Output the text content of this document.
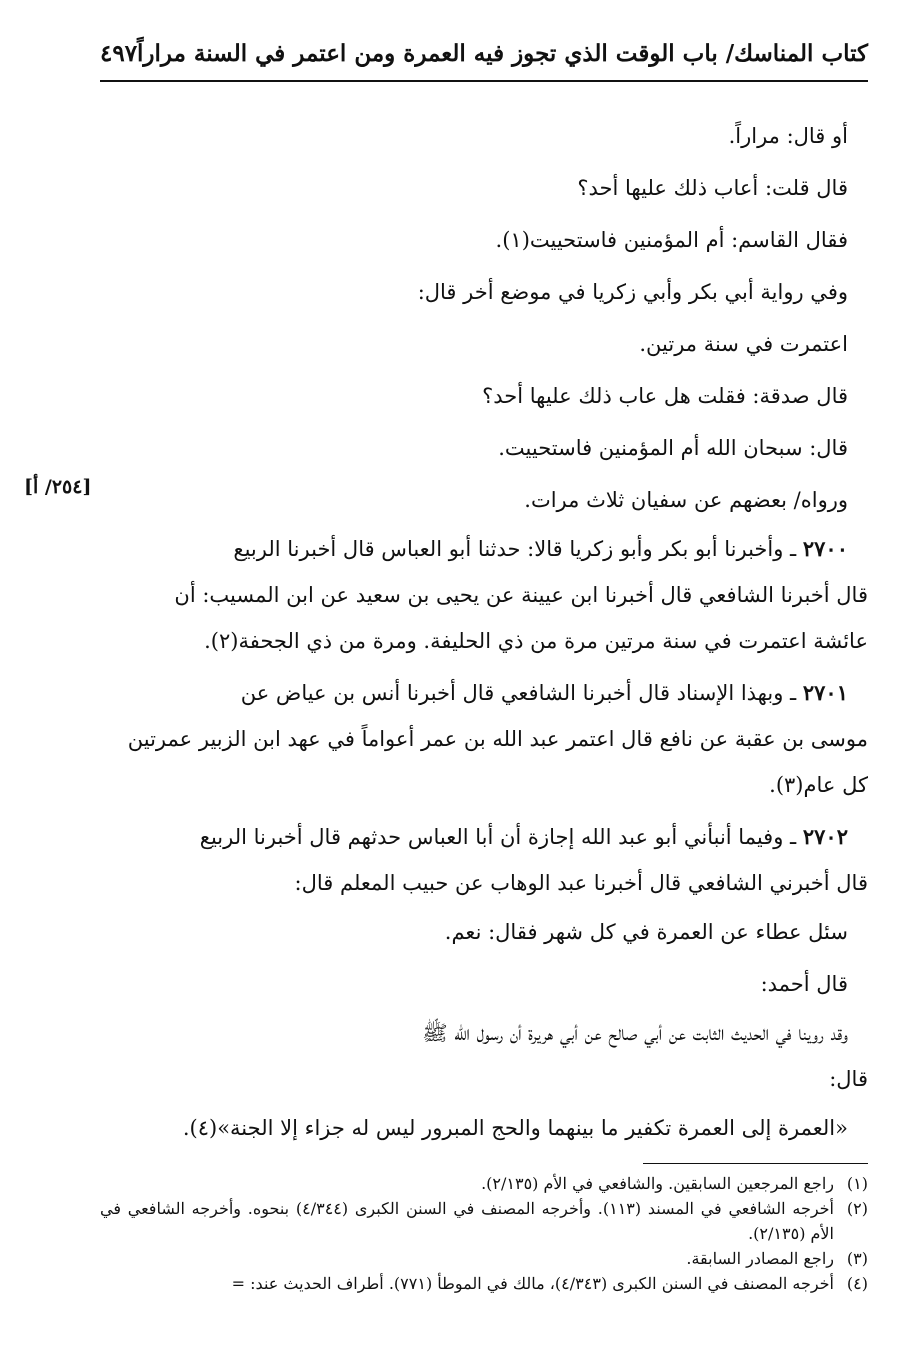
كتاب المناسك/ باب الوقت الذي تجوز فيه العمرة ومن اعتمر في السنة مراراً
٤٩٧
[٢٥٤/ أ]
أو قال: مراراً.
قال قلت: أعاب ذلك عليها أحد؟
فقال القاسم: أم المؤمنين فاستحييت(١).
وفي رواية أبي بكر وأبي زكريا في موضع أخر قال:
اعتمرت في سنة مرتين.
قال صدقة: فقلت هل عاب ذلك عليها أحد؟
قال: سبحان الله أم المؤمنين فاستحييت.
ورواه/ بعضهم عن سفيان ثلاث مرات.
٢٧٠٠ ـ وأخبرنا أبو بكر وأبو زكريا قالا: حدثنا أبو العباس قال أخبرنا الربيع
قال أخبرنا الشافعي قال أخبرنا ابن عيينة عن يحيى بن سعيد عن ابن المسيب: أن
عائشة اعتمرت في سنة مرتين مرة من ذي الحليفة. ومرة من ذي الجحفة(٢).
٢٧٠١ ـ وبهذا الإسناد قال أخبرنا الشافعي قال أخبرنا أنس بن عياض عن
موسى بن عقبة عن نافع قال اعتمر عبد الله بن عمر أعواماً في عهد ابن الزبير عمرتين
كل عام(٣).
٢٧٠٢ ـ وفيما أنبأني أبو عبد الله إجازة أن أبا العباس حدثهم قال أخبرنا الربيع
قال أخبرني الشافعي قال أخبرنا عبد الوهاب عن حبيب المعلم قال:
سئل عطاء عن العمرة في كل شهر فقال: نعم.
قال أحمد:
وقد روينا في الحديث الثابت عن أبي صالح عن أبي هريرة أن رسول الله ﷺ
قال:
«العمرة إلى العمرة تكفير ما بينهما والحج المبرور ليس له جزاء إلا الجنة»(٤).
(١)
راجع المرجعين السابقين. والشافعي في الأم (٢/١٣٥).
(٢)
أخرجه الشافعي في المسند (١١٣). وأخرجه المصنف في السنن الكبرى (٤/٣٤٤) بنحوه. وأخرجه الشافعي في الأم (٢/١٣٥).
(٣)
راجع المصادر السابقة.
(٤)
أخرجه المصنف في السنن الكبرى (٤/٣٤٣)، مالك في الموطأ (٧٧١). أطراف الحديث عند: =
